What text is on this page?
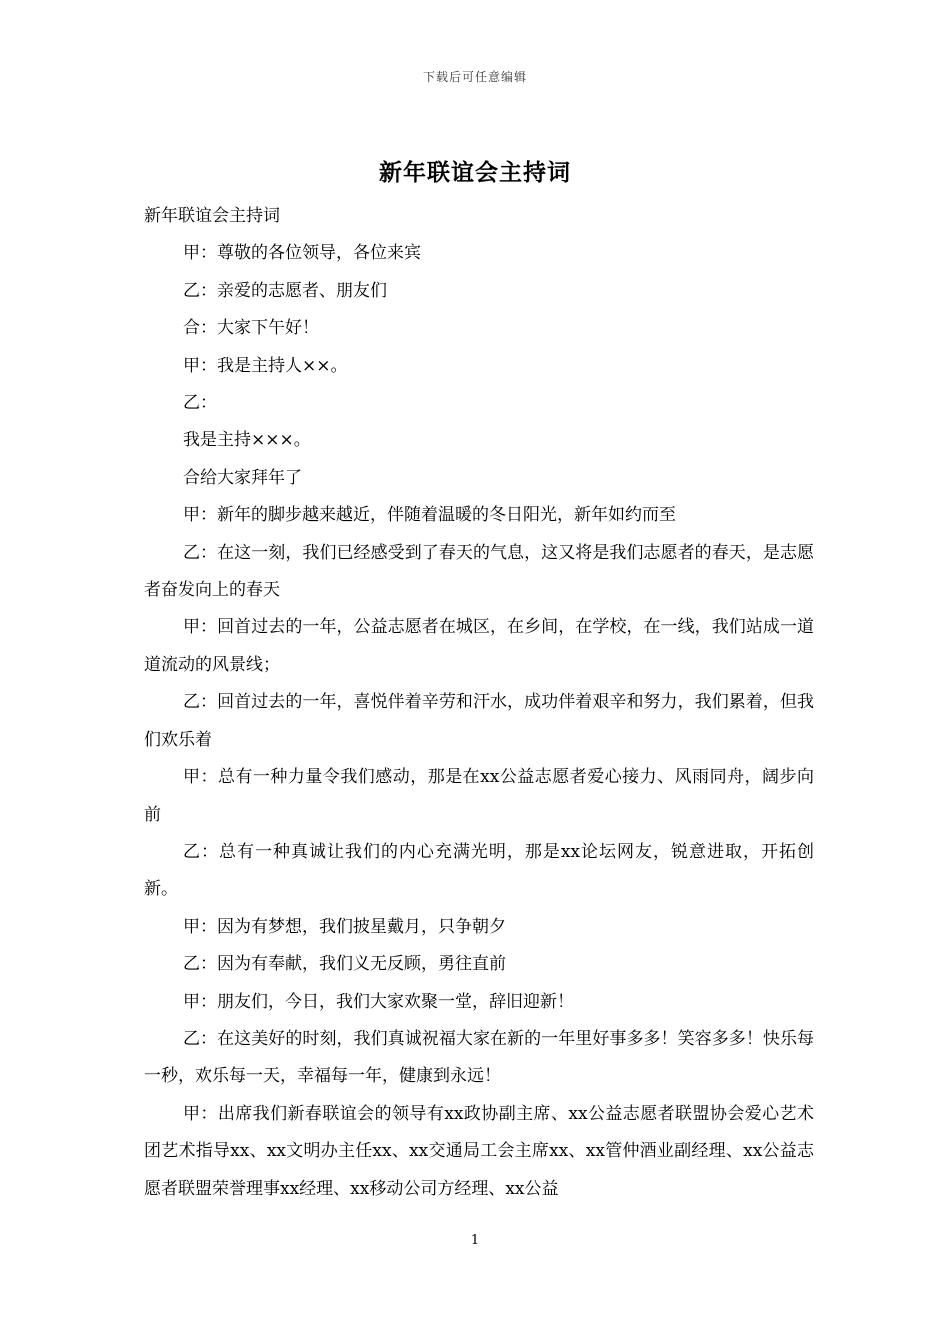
下载后可任意编辑
新年联谊会主持词

新年联谊会主持词

甲：尊敬的各位领导，各位来宾

乙：亲爱的志愿者、朋友们

合：大家下午好！

甲：我是主持人××。

乙：

我是主持×××。

合给大家拜年了

甲：新年的脚步越来越近，伴随着温暖的冬日阳光，新年如约而至

乙：在这一刻，我们已经感受到了春天的气息，这又将是我们志愿者的春天，是志愿者奋发向上的春天

甲：回首过去的一年，公益志愿者在城区，在乡间，在学校，在一线，我们站成一道道流动的风景线；

乙：回首过去的一年，喜悦伴着辛劳和汗水，成功伴着艰辛和努力，我们累着，但我们欢乐着

甲：总有一种力量令我们感动，那是在xx公益志愿者爱心接力、风雨同舟，阔步向前

乙：总有一种真诚让我们的内心充满光明，那是xx论坛网友，锐意进取，开拓创新。

甲：因为有梦想，我们披星戴月，只争朝夕

乙：因为有奉献，我们义无反顾，勇往直前

甲：朋友们，今日，我们大家欢聚一堂，辞旧迎新！

乙：在这美好的时刻，我们真诚祝福大家在新的一年里好事多多！笑容多多！快乐每一秒，欢乐每一天，幸福每一年，健康到永远！

甲：出席我们新春联谊会的领导有xx政协副主席、xx公益志愿者联盟协会爱心艺术团艺术指导xx、xx文明办主任xx、xx交通局工会主席xx、xx管仲酒业副经理、xx公益志愿者联盟荣誉理事xx经理、xx移动公司方经理、xx公益

1
